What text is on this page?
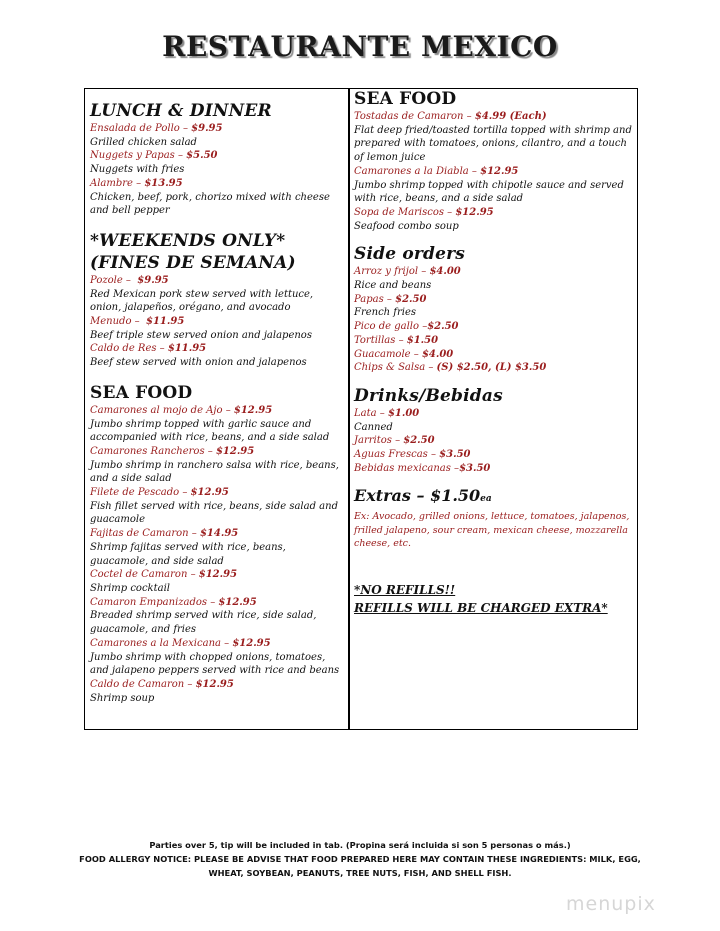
RESTAURANTE MEXICO
LUNCH & DINNER
Ensalada de Pollo – $9.95
Grilled chicken salad
Nuggets y Papas – $5.50
Nuggets with fries
Alambre – $13.95
Chicken, beef, pork, chorizo mixed with cheese and bell pepper
*WEEKENDS ONLY*
(FINES DE SEMANA)
Pozole –  $9.95
Red Mexican pork stew served with lettuce, onion, jalapeños, orégano, and avocado
Menudo –  $11.95
Beef triple stew served onion and jalapenos
Caldo de Res – $11.95
Beef stew served with onion and jalapenos
SEA FOOD
Camarones al mojo de Ajo – $12.95
Jumbo shrimp topped with garlic sauce and accompanied with rice, beans, and a side salad
Camarones Rancheros – $12.95
Jumbo shrimp in ranchero salsa with rice, beans, and a side salad
Filete de Pescado – $12.95
Fish fillet served with rice, beans, side salad and guacamole
Fajitas de Camaron – $14.95
Shrimp fajitas served with rice, beans, guacamole, and side salad
Coctel de Camaron – $12.95
Shrimp cocktail
Camaron Empanizados – $12.95
Breaded shrimp served with rice, side salad, guacamole, and fries
Camarones a la Mexicana – $12.95
Jumbo shrimp with chopped onions, tomatoes, and jalapeno peppers served with rice and beans
Caldo de Camaron – $12.95
Shrimp soup
SEA FOOD
Tostadas de Camaron – $4.99 (Each)
Flat deep fried/toasted tortilla topped with shrimp and prepared with tomatoes, onions, cilantro, and a touch of lemon juice
Camarones a la Diabla – $12.95
Jumbo shrimp topped with chipotle sauce and served with rice, beans, and a side salad
Sopa de Mariscos – $12.95
Seafood combo soup
Side orders
Arroz y frijol – $4.00
Rice and beans
Papas – $2.50
French fries
Pico de gallo –$2.50
Tortillas – $1.50
Guacamole – $4.00
Chips & Salsa – (S) $2.50, (L) $3.50
Drinks/Bebidas
Lata – $1.00
Canned
Jarritos – $2.50
Aguas Frescas – $3.50
Bebidas mexicanas –$3.50
Extras – $1.50ea
Ex: Avocado, grilled onions, lettuce, tomatoes, jalapenos, frilled jalapeno, sour cream, mexican cheese, mozzarella cheese, etc.
*NO REFILLS!!
REFILLS WILL BE CHARGED EXTRA*
Parties over 5, tip will be included in tab. (Propina será incluida si son 5 personas o más.)
FOOD ALLERGY NOTICE: PLEASE BE ADVISE THAT FOOD PREPARED HERE MAY CONTAIN THESE INGREDIENTS: MILK, EGG,
WHEAT, SOYBEAN, PEANUTS, TREE NUTS, FISH, AND SHELL FISH.
menupix
